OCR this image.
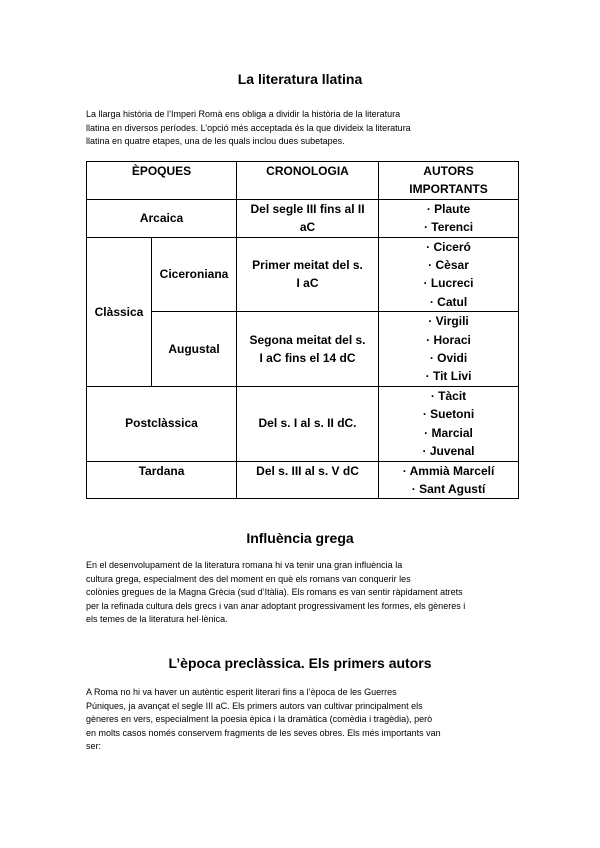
La literatura llatina
La llarga història de l’Imperi Romà ens obliga a dividir la història de la literatura
llatina en diversos períodes. L’opció més acceptada és la que divideix la literatura
llatina en quatre etapes, una de les quals inclou dues subetapes.
ÈPOQUES		CRONOLOGIA	AUTORS
IMPORTANTS

Arcaica		Del segle III fins al II
aC	· Plaute
· Terenci

Clàssica	Ciceroniana	Primer meitat del s.
I aC	· Ciceró
· Cèsar
· Lucreci
· Catul

	Augustal	Segona meitat del s.
I aC fins el 14 dC	· Virgili
· Horaci
· Ovidi
· Tit Livi

Postclàssica		Del s. I al s. II dC.	· Tàcit
· Suetoni
· Marcial
· Juvenal

Tardana		Del s. III al s. V dC	· Ammià Marcelí
· Sant Agustí
Influència grega
En el desenvolupament de la literatura romana hi va tenir una gran influència la
cultura grega, especialment des del moment en què els romans van conquerir les
colònies gregues de la Magna Grècia (sud d’Itàlia). Els romans es van sentir ràpidament atrets
per la refinada cultura dels grecs i van anar adoptant progressivament les formes, els gèneres i
els temes de la literatura hel·lènica.
L’època preclàssica. Els primers autors
A Roma no hi va haver un autèntic esperit literari fins a l’època de les Guerres
Púniques, ja avançat el segle III aC. Els primers autors van cultivar principalment els
gèneres en vers, especialment la poesia èpica i la dramàtica (comèdia i tragèdia), però
en molts casos només conservem fragments de les seves obres. Els més importants van
ser:
